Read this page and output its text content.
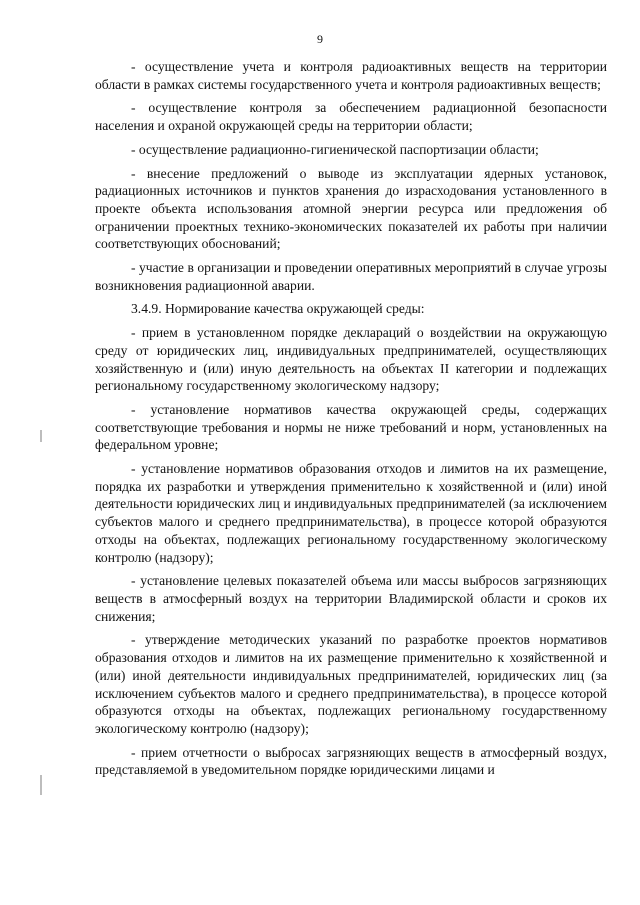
9

- осуществление учета и контроля радиоактивных веществ на территории области в рамках системы государственного учета и контроля радиоактивных веществ;

- осуществление контроля за обеспечением радиационной безопасности населения и охраной окружающей среды на территории области;

- осуществление радиационно-гигиенической паспортизации области;

- внесение предложений о выводе из эксплуатации ядерных установок, радиационных источников и пунктов хранения до израсходования установленного в проекте объекта использования атомной энергии ресурса или предложения об ограничении проектных технико-экономических показателей их работы при наличии соответствующих обоснований;

- участие в организации и проведении оперативных мероприятий в случае угрозы возникновения радиационной аварии.

3.4.9. Нормирование качества окружающей среды:

- прием в установленном порядке деклараций о воздействии на окружающую среду от юридических лиц, индивидуальных предпринимателей, осуществляющих хозяйственную и (или) иную деятельность на объектах II категории и подлежащих региональному государственному экологическому надзору;

- установление нормативов качества окружающей среды, содержащих соответствующие требования и нормы не ниже требований и норм, установленных на федеральном уровне;

- установление нормативов образования отходов и лимитов на их размещение, порядка их разработки и утверждения применительно к хозяйственной и (или) иной деятельности юридических лиц и индивидуальных предпринимателей (за исключением субъектов малого и среднего предпринимательства), в процессе которой образуются отходы на объектах, подлежащих региональному государственному экологическому контролю (надзору);

- установление целевых показателей объема или массы выбросов загрязняющих веществ в атмосферный воздух на территории Владимирской области и сроков их снижения;

- утверждение методических указаний по разработке проектов нормативов образования отходов и лимитов на их размещение применительно к хозяйственной и (или) иной деятельности индивидуальных предпринимателей, юридических лиц (за исключением субъектов малого и среднего предпринимательства), в процессе которой образуются отходы на объектах, подлежащих региональному государственному экологическому контролю (надзору);

- прием отчетности о выбросах загрязняющих веществ в атмосферный воздух, представляемой в уведомительном порядке юридическими лицами и
